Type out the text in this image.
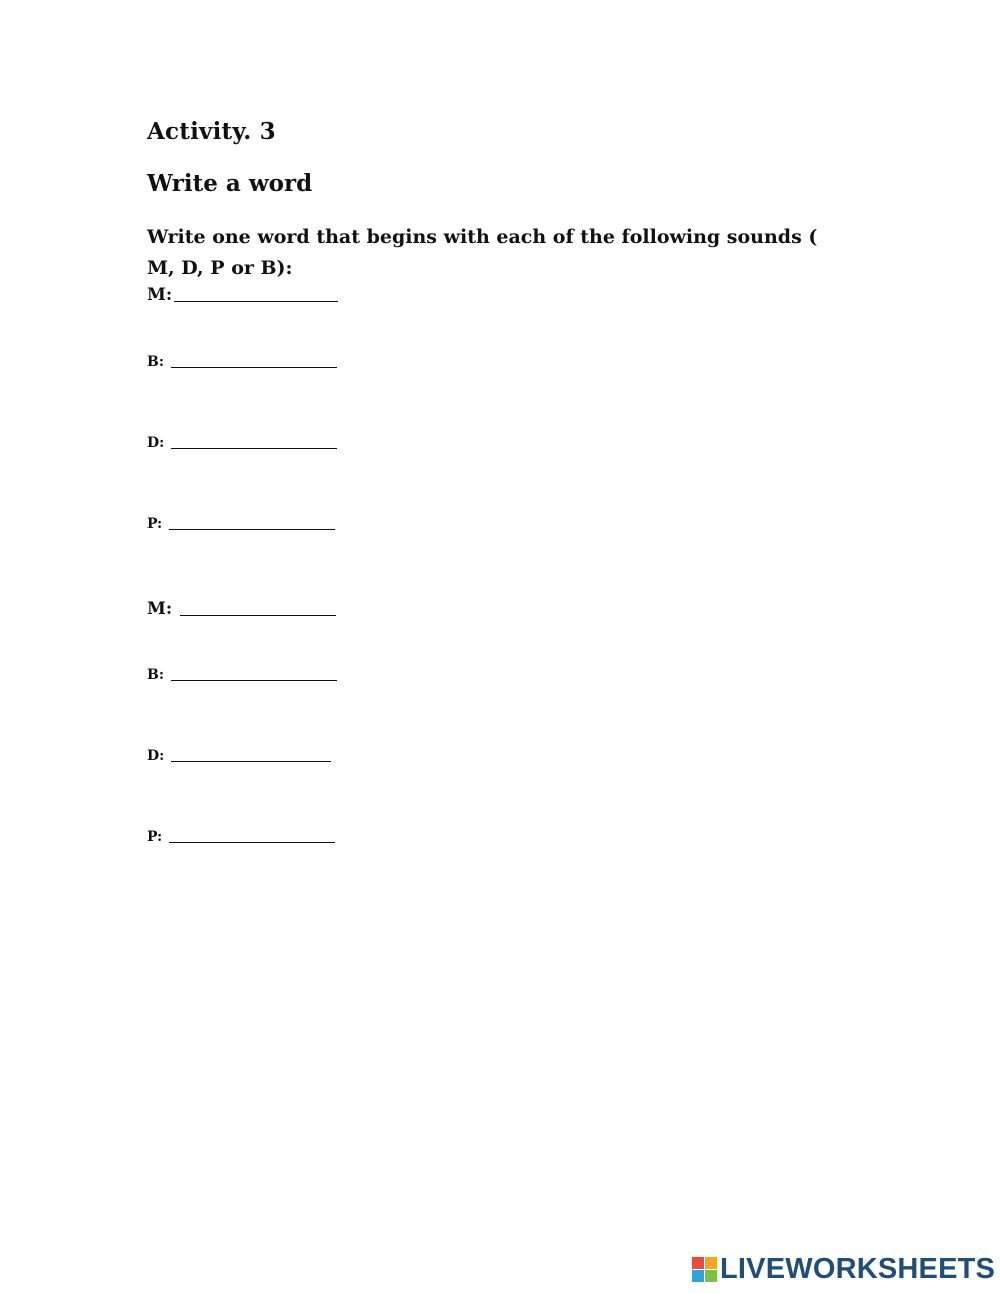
Activity. 3
Write a word

Write one word that begins with each of the following sounds ( M, D, P or B):

M:
B:
D:
P:
M:
B:
D:
P:
LIVEWORKSHEETS
